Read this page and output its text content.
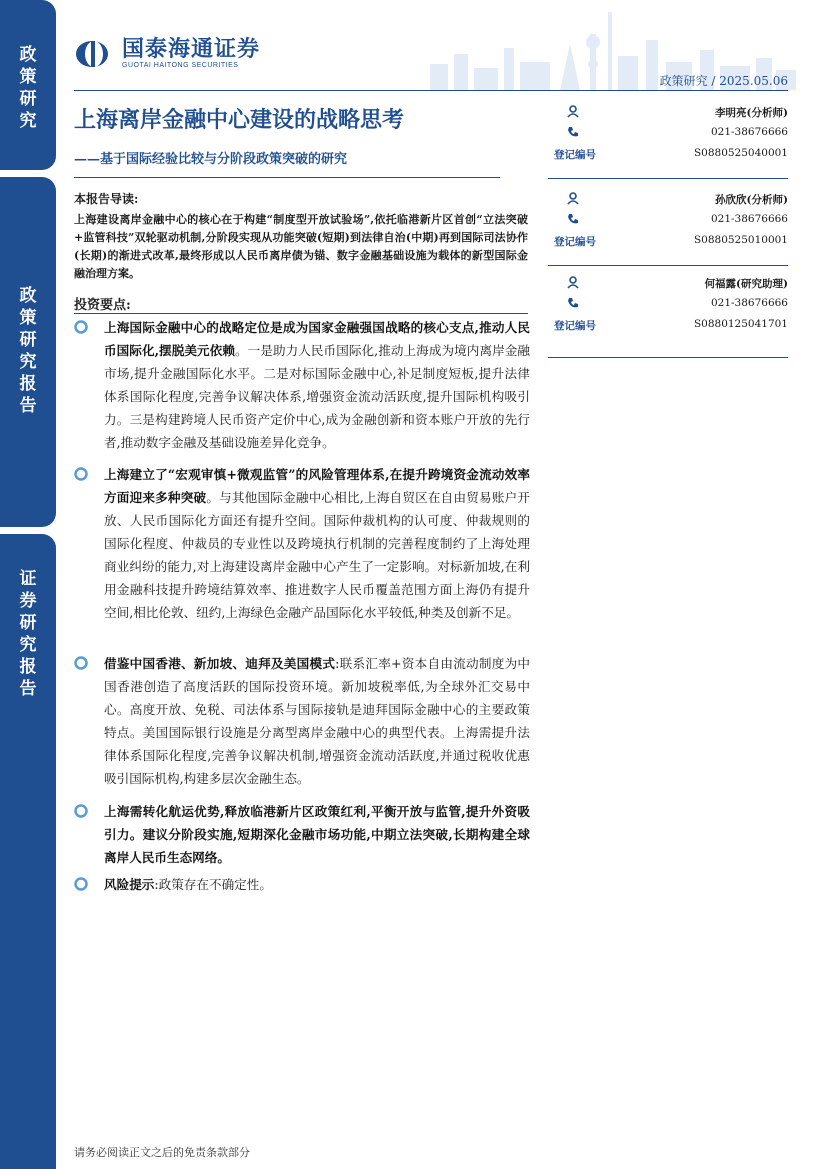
政策研究
政策研究报告
证券研究报告
国泰海通证券
GUOTAI HAITONG SECURITIES
政策研究 / 2025.05.06
上海离岸金融中心建设的战略思考
——基于国际经验比较与分阶段政策突破的研究
本报告导读:
上海建设离岸金融中心的核心在于构建“制度型开放试验场”,依托临港新片区首创“立法突破+监管科技”双轮驱动机制,分阶段实现从功能突破(短期)到法律自治(中期)再到国际司法协作(长期)的渐进式改革,最终形成以人民币离岸债为锚、数字金融基础设施为载体的新型国际金融治理方案。
投资要点:
上海国际金融中心的战略定位是成为国家金融强国战略的核心支点,推动人民币国际化,摆脱美元依赖。一是助力人民币国际化,推动上海成为境内离岸金融市场,提升金融国际化水平。二是对标国际金融中心,补足制度短板,提升法律体系国际化程度,完善争议解决体系,增强资金流动活跃度,提升国际机构吸引力。三是构建跨境人民币资产定价中心,成为金融创新和资本账户开放的先行者,推动数字金融及基础设施差异化竞争。
上海建立了“宏观审慎+微观监管”的风险管理体系,在提升跨境资金流动效率方面迎来多种突破。与其他国际金融中心相比,上海自贸区在自由贸易账户开放、人民币国际化方面还有提升空间。国际仲裁机构的认可度、仲裁规则的国际化程度、仲裁员的专业性以及跨境执行机制的完善程度制约了上海处理商业纠纷的能力,对上海建设离岸金融中心产生了一定影响。对标新加坡,在利用金融科技提升跨境结算效率、推进数字人民币覆盖范围方面上海仍有提升空间,相比伦敦、纽约,上海绿色金融产品国际化水平较低,种类及创新不足。
借鉴中国香港、新加坡、迪拜及美国模式:联系汇率+资本自由流动制度为中国香港创造了高度活跃的国际投资环境。新加坡税率低,为全球外汇交易中心。高度开放、免税、司法体系与国际接轨是迪拜国际金融中心的主要政策特点。美国国际银行设施是分离型离岸金融中心的典型代表。上海需提升法律体系国际化程度,完善争议解决机制,增强资金流动活跃度,并通过税收优惠吸引国际机构,构建多层次金融生态。
上海需转化航运优势,释放临港新片区政策红利,平衡开放与监管,提升外资吸引力。建议分阶段实施,短期深化金融市场功能,中期立法突破,长期构建全球离岸人民币生态网络。
风险提示:政策存在不确定性。
李明亮(分析师)
021-38676666
登记编号	S0880525040001
孙欣欣(分析师)
021-38676666
登记编号	S0880525010001
何福露(研究助理)
021-38676666
登记编号	S0880125041701
请务必阅读正文之后的免责条款部分
